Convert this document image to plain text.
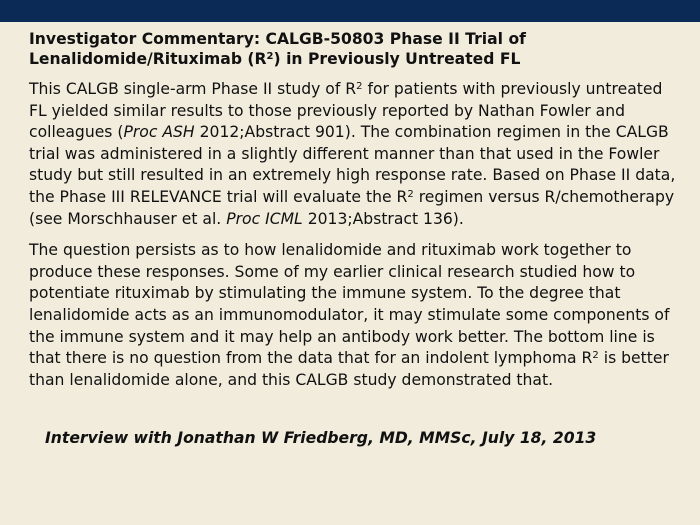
Investigator Commentary: CALGB-50803 Phase II Trial of
Lenalidomide/Rituximab $(R^2)$ in Previously Untreated FL

This CALGB single-arm Phase II study of $R^2$ for patients with previously untreated FL yielded similar results to those previously reported by Nathan Fowler and colleagues (Proc ASH 2012;Abstract 901). The combination regimen in the CALGB trial was administered in a slightly different manner than that used in the Fowler study but still resulted in an extremely high response rate. Based on Phase II data, the Phase III RELEVANCE trial will evaluate the $R^2$ regimen versus R/chemotherapy (see Morschhauser et al. Proc ICML 2013;Abstract 136).

The question persists as to how lenalidomide and rituximab work together to produce these responses. Some of my earlier clinical research studied how to potentiate rituximab by stimulating the immune system. To the degree that lenalidomide acts as an immunomodulator, it may stimulate some components of the immune system and it may help an antibody work better. The bottom line is that there is no question from the data that for an indolent lymphoma $R^2$ is better than lenalidomide alone, and this CALGB study demonstrated that.

Interview with Jonathan W Friedberg, MD, MMSc, July 18, 2013
